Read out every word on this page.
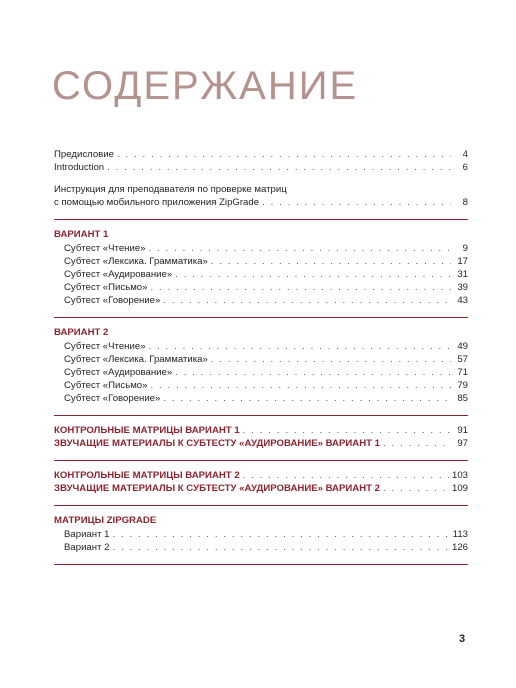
СОДЕРЖАНИЕ
Предисловие . . .	4
Introduction . . .	6
Инструкция для преподавателя по проверке матриц
с помощью мобильного приложения ZipGrade . . .	8
ВАРИАНТ 1
Субтест «Чтение» . . .	9
Субтест «Лексика. Грамматика» . . .	17
Субтест «Аудирование» . . .	31
Субтест «Письмо» . . .	39
Субтест «Говорение» . . .	43
ВАРИАНТ 2
Субтест «Чтение» . . .	49
Субтест «Лексика. Грамматика» . . .	57
Субтест «Аудирование» . . .	71
Субтест «Письмо» . . .	79
Субтест «Говорение» . . .	85
КОНТРОЛЬНЫЕ МАТРИЦЫ ВАРИАНТ 1 . . .	91
ЗВУЧАЩИЕ МАТЕРИАЛЫ К СУБТЕСТУ «АУДИРОВАНИЕ» ВАРИАНТ 1 . . .	97
КОНТРОЛЬНЫЕ МАТРИЦЫ ВАРИАНТ 2 . . .	103
ЗВУЧАЩИЕ МАТЕРИАЛЫ К СУБТЕСТУ «АУДИРОВАНИЕ» ВАРИАНТ 2 . . .	109
МАТРИЦЫ ZIPGRADE
Вариант 1 . . .	113
Вариант 2 . . .	126
3
